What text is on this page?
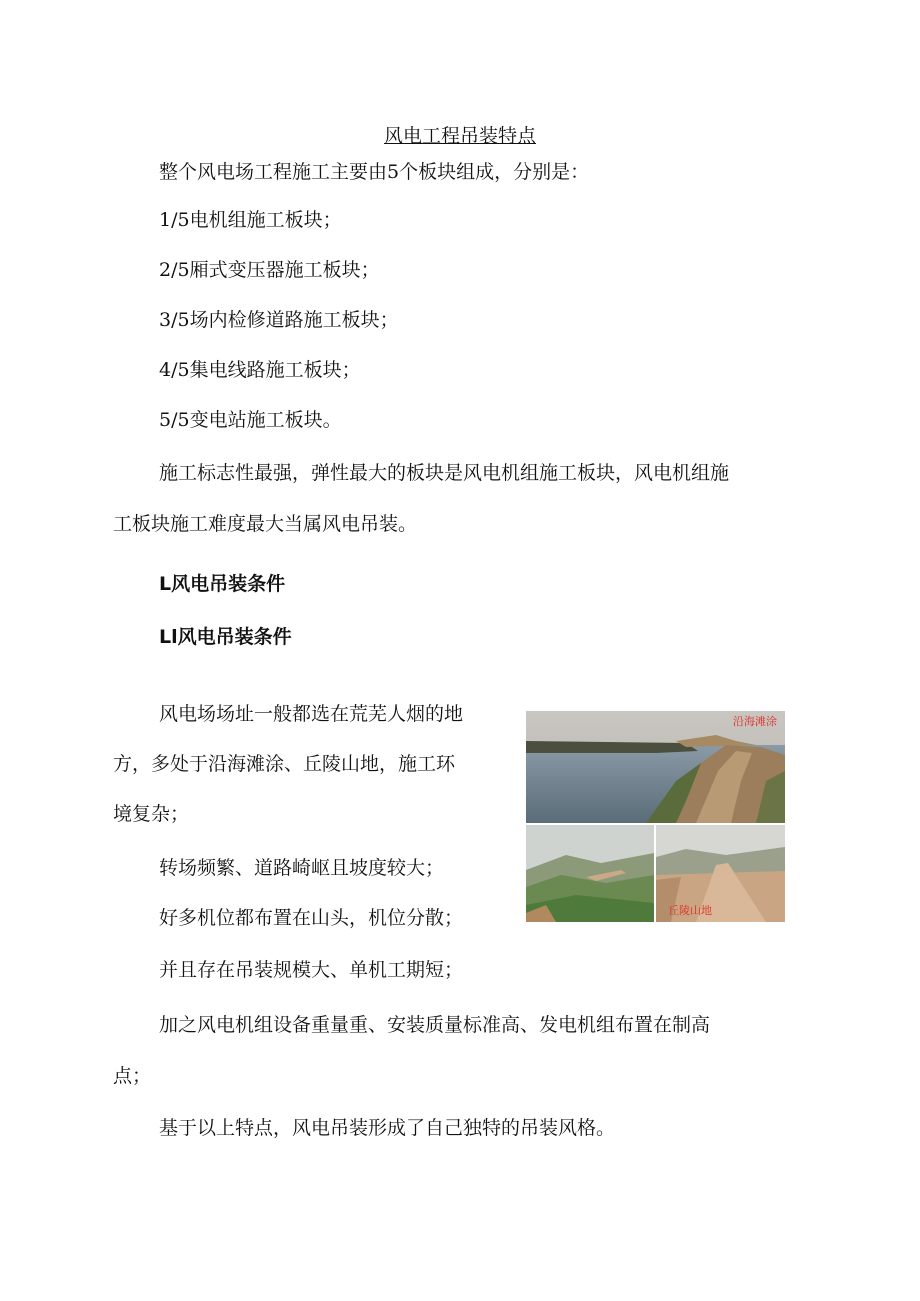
风电工程吊装特点
整个风电场工程施工主要由5个板块组成，分别是：
1/5电机组施工板块；
2/5厢式变压器施工板块；
3/5场内检修道路施工板块；
4/5集电线路施工板块；
5/5变电站施工板块。
施工标志性最强，弹性最大的板块是风电机组施工板块，风电机组施
工板块施工难度最大当属风电吊装。
L风电吊装条件
Ll风电吊装条件
风电场场址一般都选在荒芜人烟的地
方，多处于沿海滩涂、丘陵山地，施工环
境复杂；
转场频繁、道路崎岖且坡度较大；
好多机位都布置在山头，机位分散；
并且存在吊装规模大、单机工期短；
加之风电机组设备重量重、安装质量标准高、发电机组布置在制高
点；
基于以上特点，风电吊装形成了自己独特的吊装风格。
沿海滩涂
丘陵山地
